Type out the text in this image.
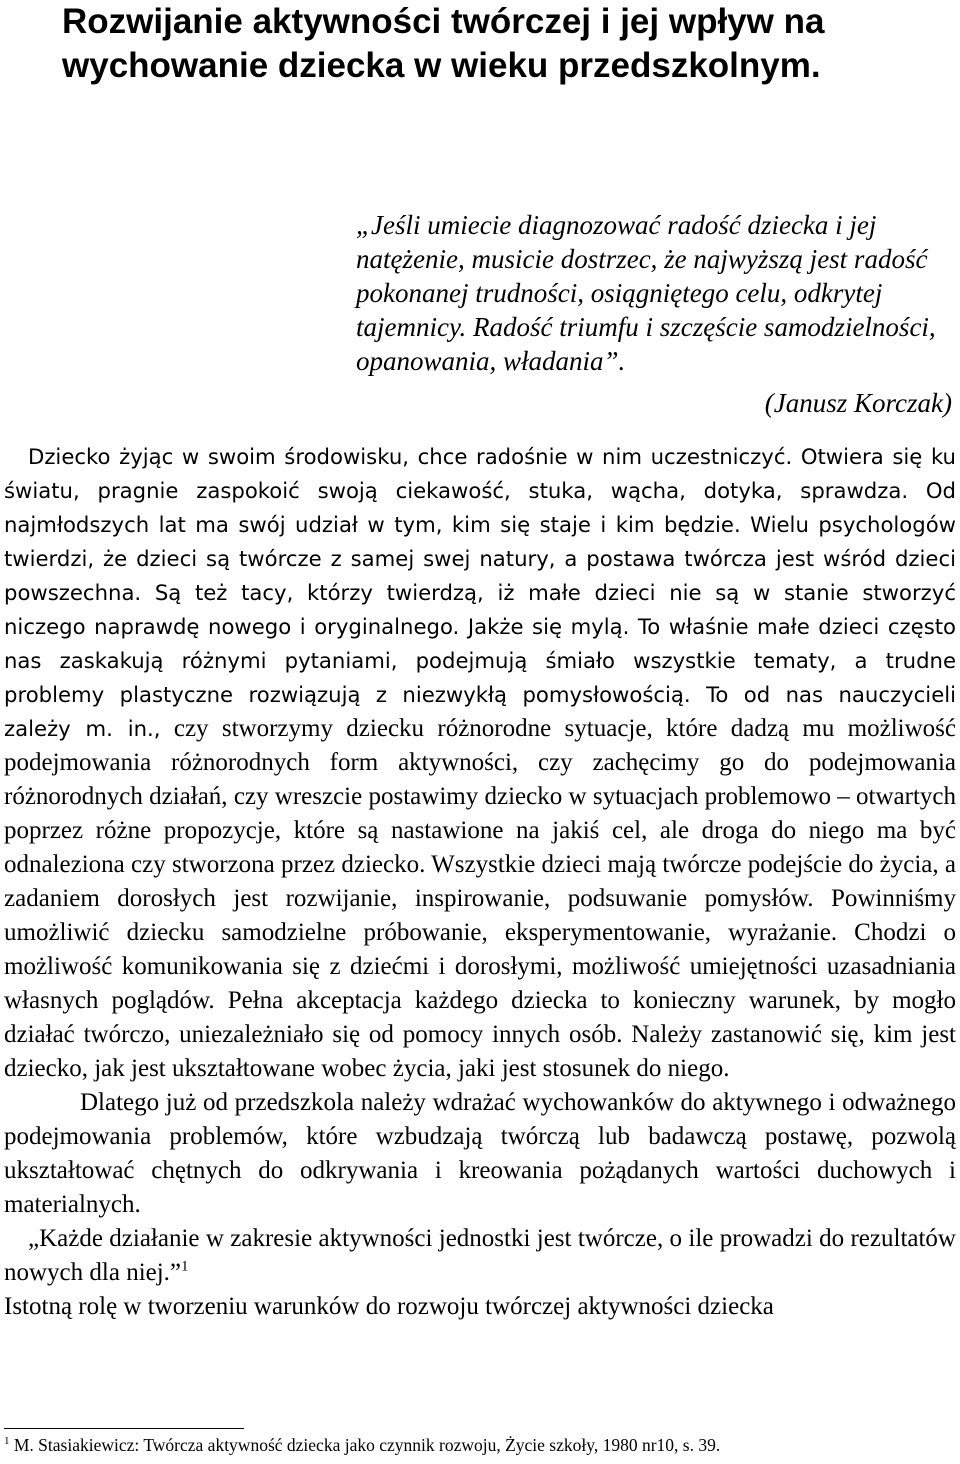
Rozwijanie aktywności twórczej i jej wpływ na wychowanie dziecka w wieku przedszkolnym.

„Jeśli umiecie diagnozować radość dziecka i jej natężenie, musicie dostrzec, że najwyższą jest radość pokonanej trudności, osiągniętego celu, odkrytej tajemnicy. Radość triumfu i szczęście samodzielności, opanowania, władania”.
(Janusz Korczak)

Dziecko żyjąc w swoim środowisku, chce radośnie w nim uczestniczyć. Otwiera się ku światu, pragnie zaspokoić swoją ciekawość, stuka, wącha, dotyka, sprawdza. Od najmłodszych lat ma swój udział w tym, kim się staje i kim będzie. Wielu psychologów twierdzi, że dzieci są twórcze z samej swej natury, a postawa twórcza jest wśród dzieci powszechna. Są też tacy, którzy twierdzą, iż małe dzieci nie są w stanie stworzyć niczego naprawdę nowego i oryginalnego. Jakże się mylą. To właśnie małe dzieci często nas zaskakują różnymi pytaniami, podejmują śmiało wszystkie tematy, a trudne problemy plastyczne rozwiązują z niezwykłą pomysłowością. To od nas nauczycieli zależy m. in., czy stworzymy dziecku różnorodne sytuacje, które dadzą mu możliwość podejmowania różnorodnych form aktywności, czy zachęcimy go do podejmowania różnorodnych działań, czy wreszcie postawimy dziecko w sytuacjach problemowo – otwartych poprzez różne propozycje, które są nastawione na jakiś cel, ale droga do niego ma być odnaleziona czy stworzona przez dziecko. Wszystkie dzieci mają twórcze podejście do życia, a zadaniem dorosłych jest rozwijanie, inspirowanie, podsuwanie pomysłów. Powinniśmy umożliwić dziecku samodzielne próbowanie, eksperymentowanie, wyrażanie. Chodzi o możliwość komunikowania się z dziećmi i dorosłymi, możliwość umiejętności uzasadniania własnych poglądów. Pełna akceptacja każdego dziecka to konieczny warunek, by mogło działać twórczo, uniezależniało się od pomocy innych osób. Należy zastanowić się, kim jest dziecko, jak jest ukształtowane wobec życia, jaki jest stosunek do niego.

Dlatego już od przedszkola należy wdrażać wychowanków do aktywnego i odważnego podejmowania problemów, które wzbudzają twórczą lub badawczą postawę, pozwolą ukształtować chętnych do odkrywania i kreowania pożądanych wartości duchowych i materialnych.

„Każde działanie w zakresie aktywności jednostki jest twórcze, o ile prowadzi do rezultatów nowych dla niej.”$^1$

Istotną rolę w tworzeniu warunków do rozwoju twórczej aktywności dziecka

$^1$ M. Stasiakiewicz: Twórcza aktywność dziecka jako czynnik rozwoju, Życie szkoły, 1980 nr10, s. 39.
